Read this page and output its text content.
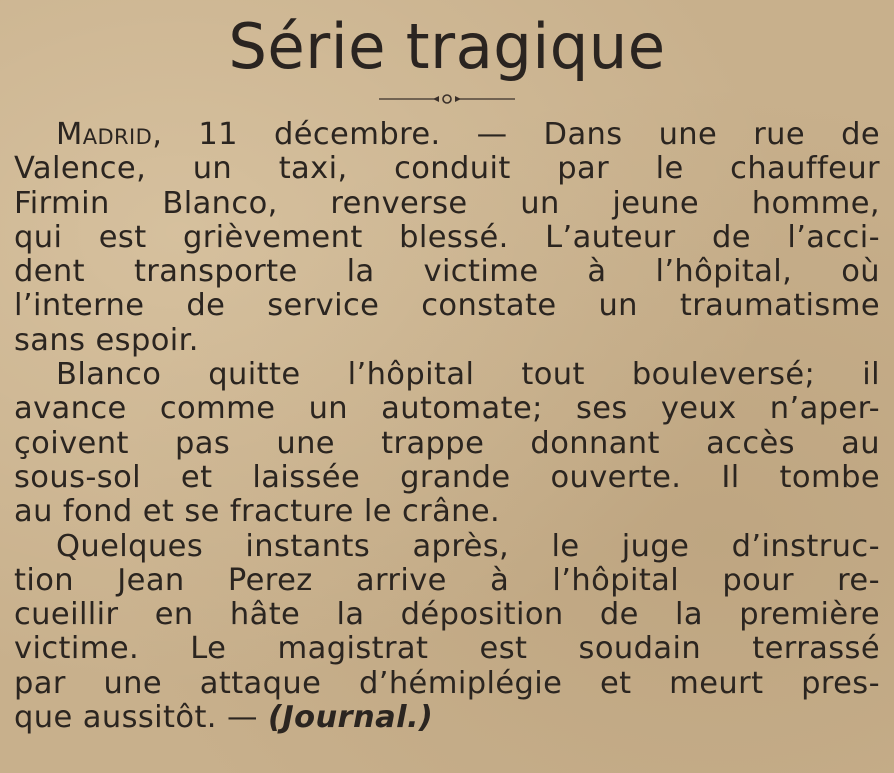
Série tragique
Madrid, 11 décembre. — Dans une rue de
Valence, un taxi, conduit par le chauffeur
Firmin Blanco, renverse un jeune homme,
qui est grièvement blessé. L’auteur de l’acci-
dent transporte la victime à l’hôpital, où
l’interne de service constate un traumatisme
sans espoir.
Blanco quitte l’hôpital tout bouleversé; il
avance comme un automate; ses yeux n’aper-
çoivent pas une trappe donnant accès au
sous-sol et laissée grande ouverte. Il tombe
au fond et se fracture le crâne.
Quelques instants après, le juge d’instruc-
tion Jean Perez arrive à l’hôpital pour re-
cueillir en hâte la déposition de la première
victime. Le magistrat est soudain terrassé
par une attaque d’hémiplégie et meurt pres-
que aussitôt. — (Journal.)
